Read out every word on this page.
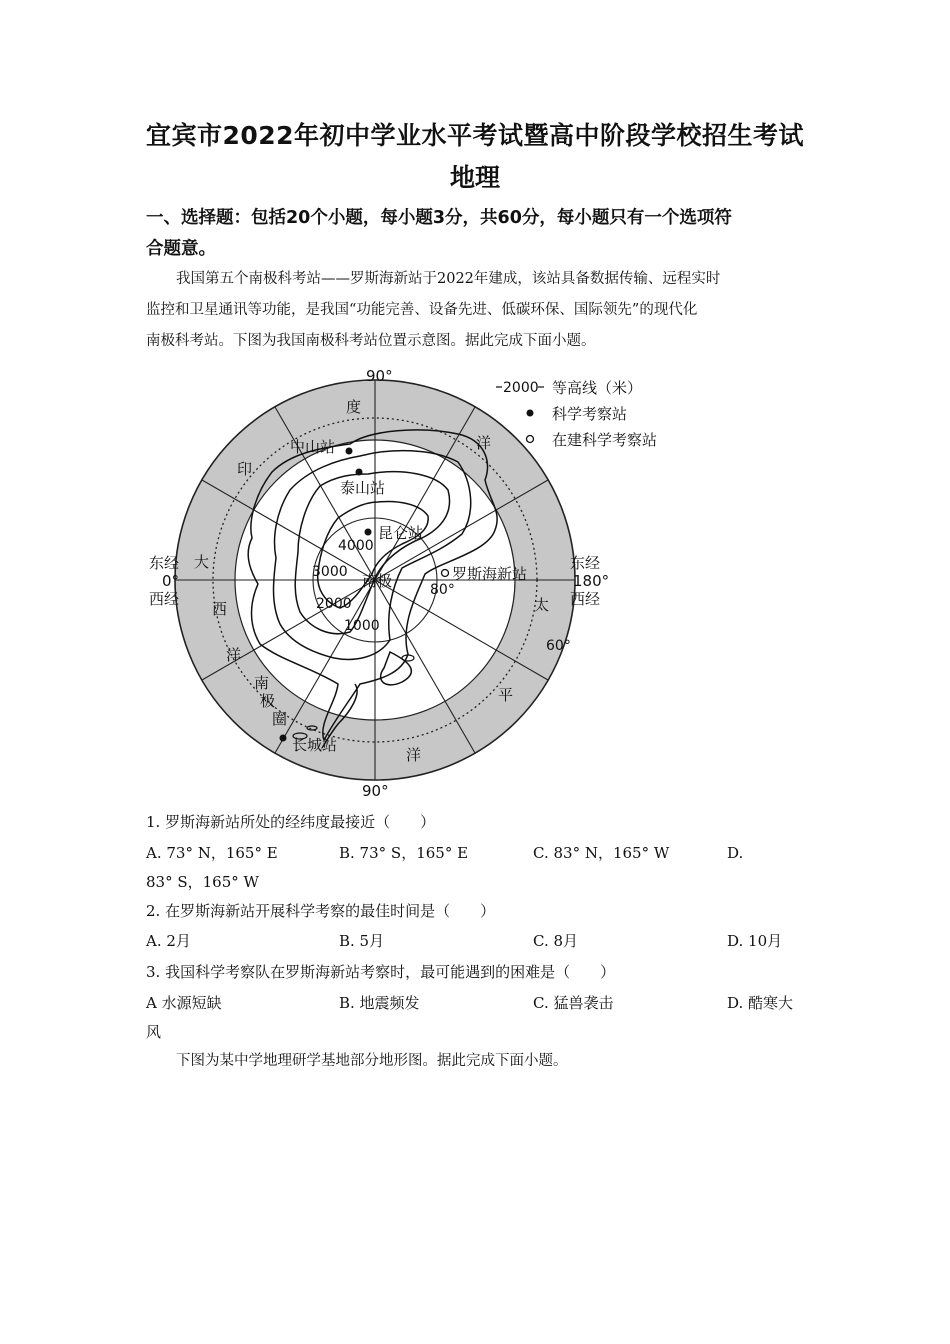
宜宾市2022年初中学业水平考试暨高中阶段学校招生考试
地理
一、选择题：包括20个小题，每小题3分，共60分，每小题只有一个选项符
合题意。

我国第五个南极科考站——罗斯海新站于2022年建成，该站具备数据传输、远程实时

监控和卫星通讯等功能，是我国“功能完善、设备先进、低碳环保、国际领先”的现代化

南极科考站。下图为我国南极科考站位置示意图。据此完成下面小题。

2000 等高线（米）
科学考察站
在建科学考察站
90°
90°
东经
0°
西经
东经
180°
西经
80°
60°
南极
南
极
圈
度
印
洋
大
西
洋
太
平
洋
中山站
泰山站
昆仑站
罗斯海新站
长城站
4000
3000
2000
1000
1. 罗斯海新站所处的经纬度最接近（　　）
A. 73° N，165° E	B. 73° S，165° E	C. 83° N，165° W	D.
83° S，165° W
2. 在罗斯海新站开展科学考察的最佳时间是（　　）
A. 2月	B. 5月	C. 8月	D. 10月
3. 我国科学考察队在罗斯海新站考察时，最可能遇到的困难是（　　）
A 水源短缺	B. 地震频发	C. 猛兽袭击	D. 酷寒大
风
下图为某中学地理研学基地部分地形图。据此完成下面小题。
